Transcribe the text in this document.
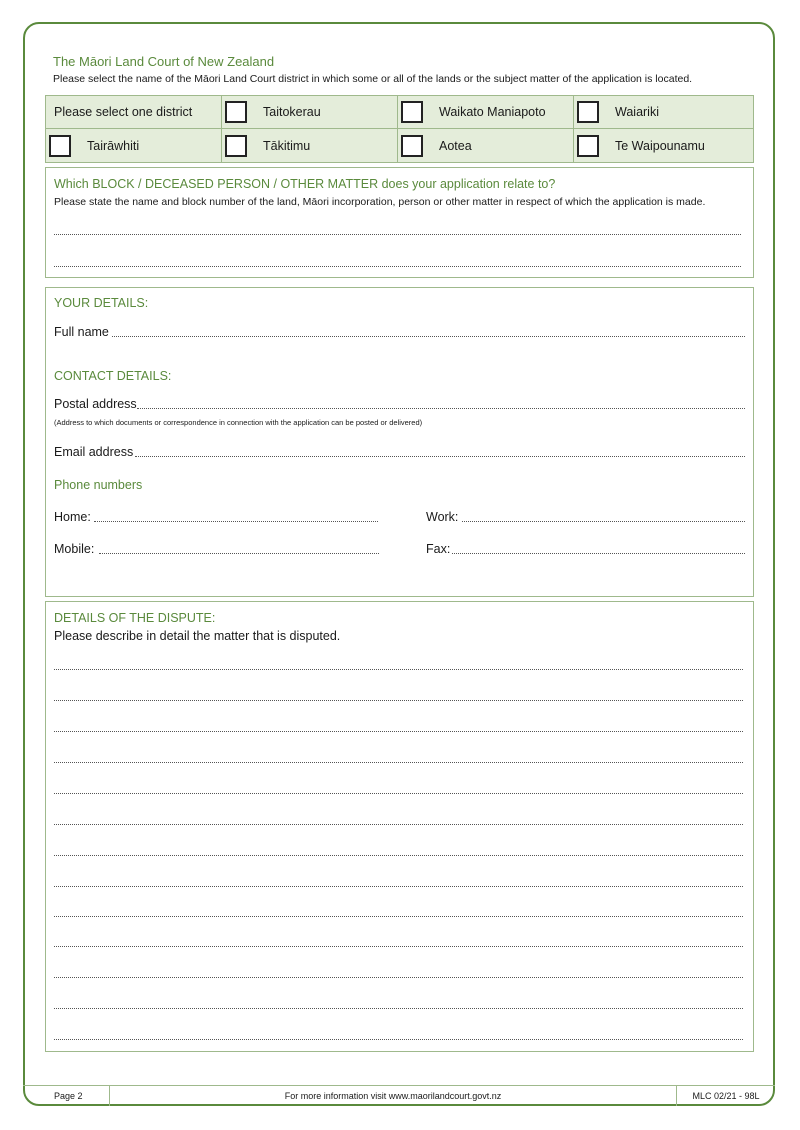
The Māori Land Court of New Zealand
Please select the name of the Māori Land Court district in which some or all of the lands or the subject matter of the application is located.
Please select one district	Taitokerau	Waikato Maniapoto	Waiariki
Tairāwhiti	Tākitimu	Aotea	Te Waipounamu
Which BLOCK / DECEASED PERSON / OTHER MATTER does your application relate to?
Please state the name and block number of the land, Māori incorporation, person or other matter in respect of which the application is made.
YOUR DETAILS:
Full name
CONTACT DETAILS:
Postal address
(Address to which documents or correspondence in connection with the application can be posted or delivered)
Email address
Phone numbers
Home:	Work:
Mobile:	Fax:
DETAILS OF THE DISPUTE:
Please describe in detail the matter that is disputed.
Page 2	For more information visit www.maorilandcourt.govt.nz	MLC 02/21 - 98L
